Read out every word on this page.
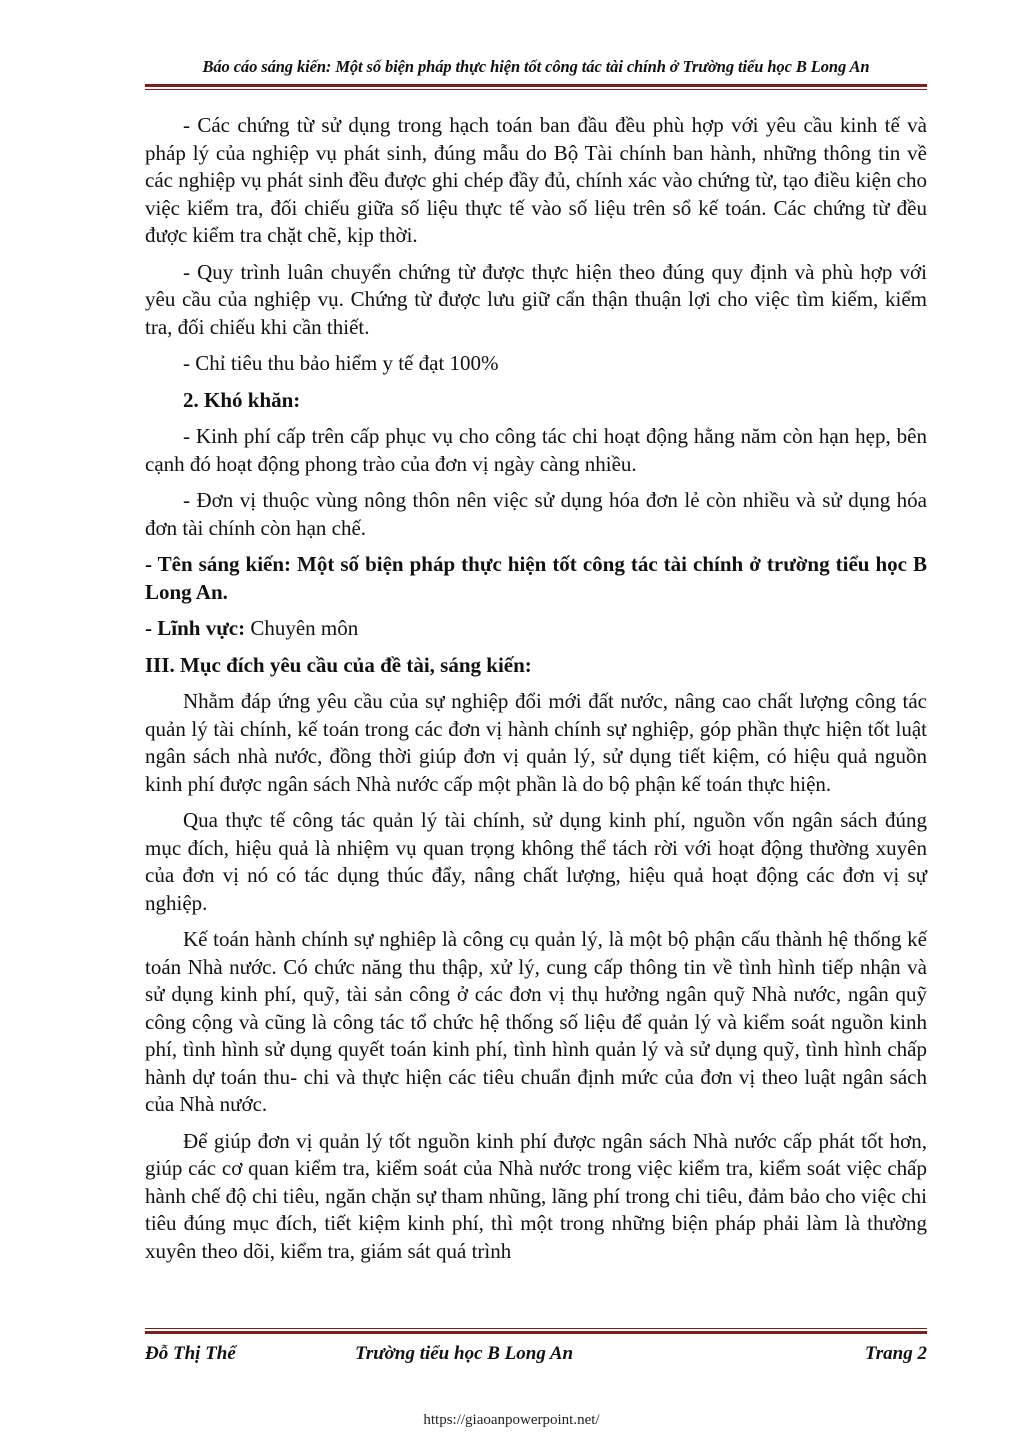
Báo cáo sáng kiến: Một số biện pháp thực hiện tốt công tác tài chính ở Trường tiểu học B Long An

- Các chứng từ sử dụng trong hạch toán ban đầu đều phù hợp với yêu cầu kinh tế và pháp lý của nghiệp vụ phát sinh, đúng mẫu do Bộ Tài chính ban hành, những thông tin về các nghiệp vụ phát sinh đều được ghi chép đầy đủ, chính xác vào chứng từ, tạo điều kiện cho việc kiểm tra, đối chiếu giữa số liệu thực tế vào số liệu trên sổ kế toán. Các chứng từ đều được kiểm tra chặt chẽ, kịp thời.

- Quy trình luân chuyển chứng từ được thực hiện theo đúng quy định và phù hợp với yêu cầu của nghiệp vụ. Chứng từ được lưu giữ cẩn thận thuận lợi cho việc tìm kiếm, kiểm tra, đối chiếu khi cần thiết.

- Chỉ tiêu thu bảo hiểm y tế đạt 100%

2. Khó khăn:

- Kinh phí cấp trên cấp phục vụ cho công tác chi hoạt động hằng năm còn hạn hẹp, bên cạnh đó hoạt động phong trào của đơn vị ngày càng nhiều.

- Đơn vị thuộc vùng nông thôn nên việc sử dụng hóa đơn lẻ còn nhiều và sử dụng hóa đơn tài chính còn hạn chế.

- Tên sáng kiến: Một số biện pháp thực hiện tốt công tác tài chính ở trường tiểu học B Long An.

- Lĩnh vực: Chuyên môn

III. Mục đích yêu cầu của đề tài, sáng kiến:

Nhằm đáp ứng yêu cầu của sự nghiệp đổi mới đất nước, nâng cao chất lượng công tác quản lý tài chính, kế toán trong các đơn vị hành chính sự nghiệp, góp phần thực hiện tốt luật ngân sách nhà nước, đồng thời giúp đơn vị quản lý, sử dụng tiết kiệm, có hiệu quả nguồn kinh phí được ngân sách Nhà nước cấp một phần là do bộ phận kế toán thực hiện.

Qua thực tế công tác quản lý tài chính, sử dụng kinh phí, nguồn vốn ngân sách đúng mục đích, hiệu quả là nhiệm vụ quan trọng không thể tách rời với hoạt động thường xuyên của đơn vị nó có tác dụng thúc đẩy, nâng chất lượng, hiệu quả hoạt động các đơn vị sự nghiệp.

Kế toán hành chính sự nghiêp là công cụ quản lý, là một bộ phận cấu thành hệ thống kế toán Nhà nước. Có chức năng thu thập, xử lý, cung cấp thông tin về tình hình tiếp nhận và sử dụng kinh phí, quỹ, tài sản công ở các đơn vị thụ hưởng ngân quỹ Nhà nước, ngân quỹ công cộng và cũng là công tác tổ chức hệ thống số liệu để quản lý và kiểm soát nguồn kinh phí, tình hình sử dụng quyết toán kinh phí, tình hình quản lý và sử dụng quỹ, tình hình chấp hành dự toán thu- chi và thực hiện các tiêu chuẩn định mức của đơn vị theo luật ngân sách của Nhà nước.

Để giúp đơn vị quản lý tốt nguồn kinh phí được ngân sách Nhà nước cấp phát tốt hơn, giúp các cơ quan kiểm tra, kiểm soát của Nhà nước trong việc kiểm tra, kiểm soát việc chấp hành chế độ chi tiêu, ngăn chặn sự tham nhũng, lãng phí trong chi tiêu, đảm bảo cho việc chi tiêu đúng mục đích, tiết kiệm kinh phí, thì một trong những biện pháp phải làm là thường xuyên theo dõi, kiểm tra, giám sát quá trình

Đỗ Thị Thể	Trường tiểu học B Long An	Trang 2
https://giaoanpowerpoint.net/
